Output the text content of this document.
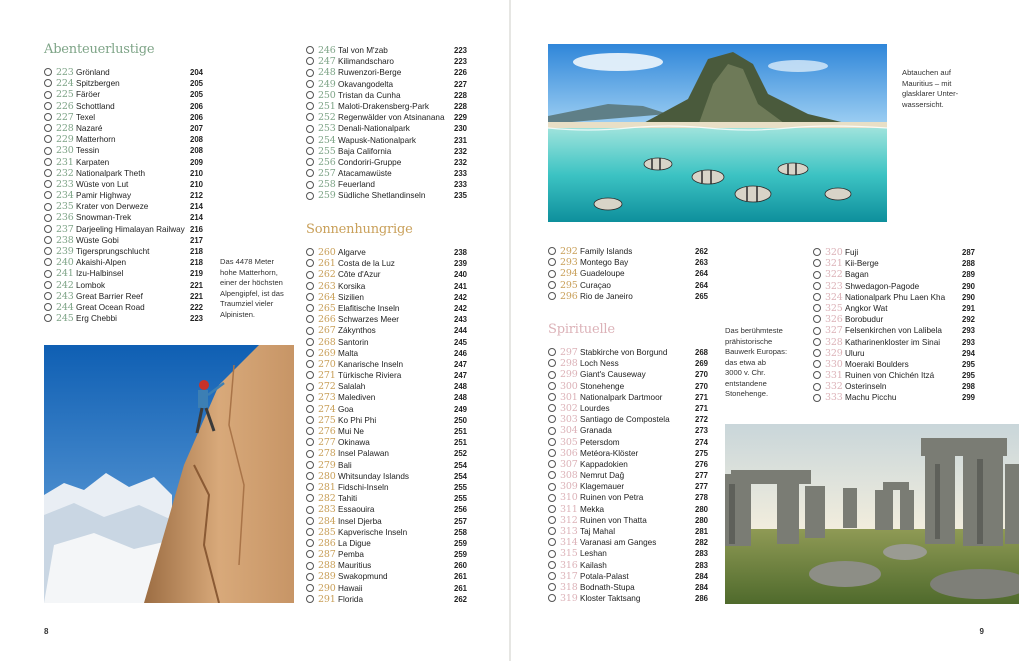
Abenteuerlustige
223 Grönland	204
224 Spitzbergen	205
225 Färöer	205
226 Schottland	206
227 Texel	206
228 Nazaré	207
229 Matterhorn	208
230 Tessin	208
231 Karpaten	209
232 Nationalpark Theth	210
233 Wüste von Lut	210
234 Pamir Highway	212
235 Krater von Derweze	214
236 Snowman-Trek	214
237 Darjeeling Himalayan Railway 216
238 Wüste Gobi	217
239 Tigersprungschlucht	218
240 Akaishi-Alpen	218
241 Izu-Halbinsel	219
242 Lombok	221
243 Great Barrier Reef	221
244 Great Ocean Road	222
245 Erg Chebbi	223
246 Tal von M'zab	223
247 Kilimandscharo	223
248 Ruwenzori-Berge	226
249 Okavangodelta	227
250 Tristan da Cunha	228
251 Maloti-Drakensberg-Park	228
252 Regenwälder von Atsinanana 229
253 Denali-Nationalpark	230
254 Wapusk-Nationalpark	231
255 Baja California	232
256 Condoriri-Gruppe	232
257 Atacamawüste	233
258 Feuerland	233
259 Südliche Shetlandinseln	235
Sonnenhungrige
260 Algarve	238
261 Costa de la Luz	239
262 Côte d'Azur	240
263 Korsika	241
264 Sizilien	242
265 Elafitische Inseln	242
266 Schwarzes Meer	243
267 Zákynthos	244
268 Santorin	245
269 Malta	246
270 Kanarische Inseln	247
271 Türkische Riviera	247
272 Salalah	248
273 Malediven	248
274 Goa	249
275 Ko Phi Phi	250
276 Mui Ne	251
277 Okinawa	251
278 Insel Palawan	252
279 Bali	254
280 Whitsunday Islands	254
281 Fidschi-Inseln	255
282 Tahiti	255
283 Essaouira	256
284 Insel Djerba	257
285 Kapverische Inseln	258
286 La Digue	259
287 Pemba	259
288 Mauritius	260
289 Swakopmund	261
290 Hawaii	261
291 Florida	262

Das 4478 Meter
hohe Matterhorn,
einer der höchsten
Alpengipfel, ist das
Traumziel vieler
Alpinisten.

8

Abtauchen auf
Mauritius – mit
glasklarer Unter-
wassersicht.

292 Family Islands	262
293 Montego Bay	263
294 Guadeloupe	264
295 Curaçao	264
296 Rio de Janeiro	265
Spirituelle
297 Stabkirche von Borgund	268
298 Loch Ness	269
299 Giant's Causeway	270
300 Stonehenge	270
301 Nationalpark Dartmoor	271
302 Lourdes	271
303 Santiago de Compostela	272
304 Granada	273
305 Petersdom	274
306 Metéora-Klöster	275
307 Kappadokien	276
308 Nemrut Dağ	277
309 Klagemauer	277
310 Ruinen von Petra	278
311 Mekka	280
312 Ruinen von Thatta	280
313 Taj Mahal	281
314 Varanasi am Ganges	282
315 Leshan	283
316 Kailash	283
317 Potala-Palast	284
318 Bodnath-Stupa	284
319 Kloster Taktsang	286

Das berühmteste
prähistorische
Bauwerk Europas:
das etwa ab
3000 v. Chr.
entstandene
Stonehenge.

320 Fuji	287
321 Kii-Berge	288
322 Bagan	289
323 Shwedagon-Pagode	290
324 Nationalpark Phu Laen Kha 290
325 Angkor Wat	291
326 Borobudur	292
327 Felsenkirchen von Lalibela	293
328 Katharinenkloster im Sinai	293
329 Uluru	294
330 Moeraki Boulders	295
331 Ruinen von Chichén Itzá	295
332 Osterinseln	298
333 Machu Picchu	299
9
